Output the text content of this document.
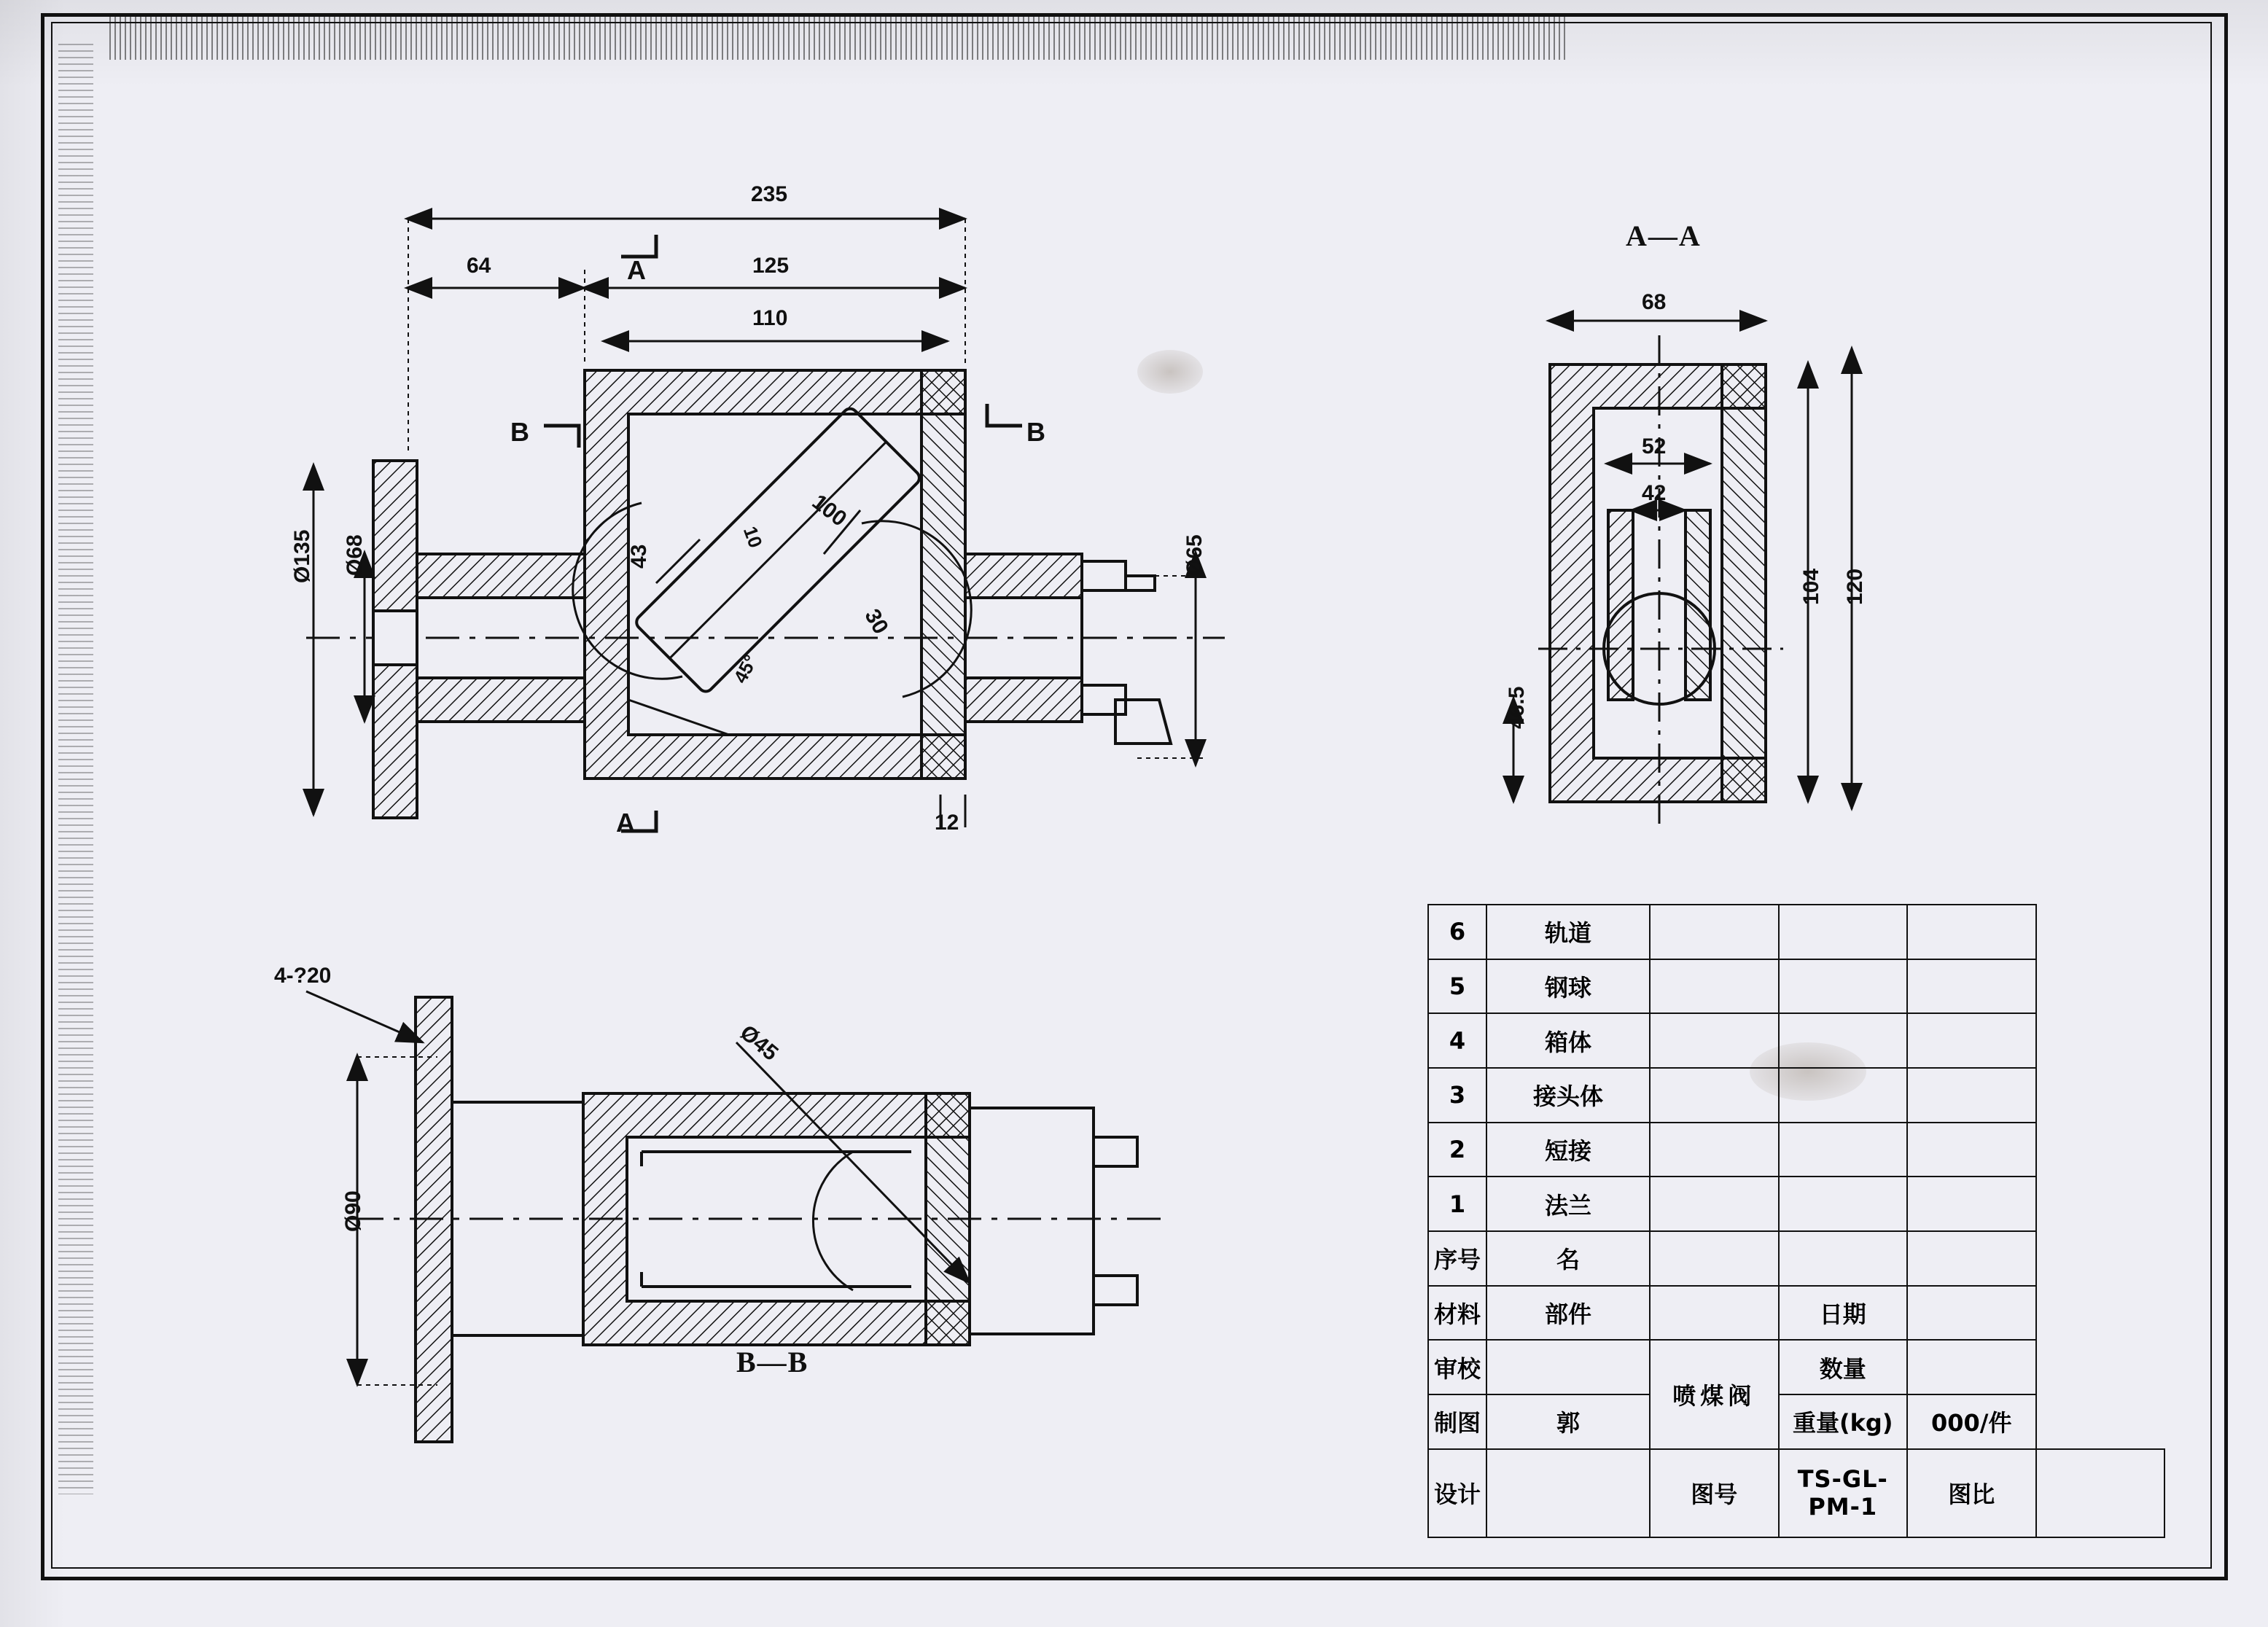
235
64	125
110
A
A
B	B
Ø135 Ø68	Ø65
100
10
43
30
45°
12
A—A
68
52
42
104 120
46.5
B—B
4-?20
Ø90
Ø45
6	轨道				
5	钢球				
4	箱体				
3	接头体				
2	短接				
1	法兰				
序号	名				
材料	部件		日期		
审校		喷煤阀	数量		
制图	郭		重量(kg)	000/件	
设计		图号	TS-GL-PM-1	图比	
